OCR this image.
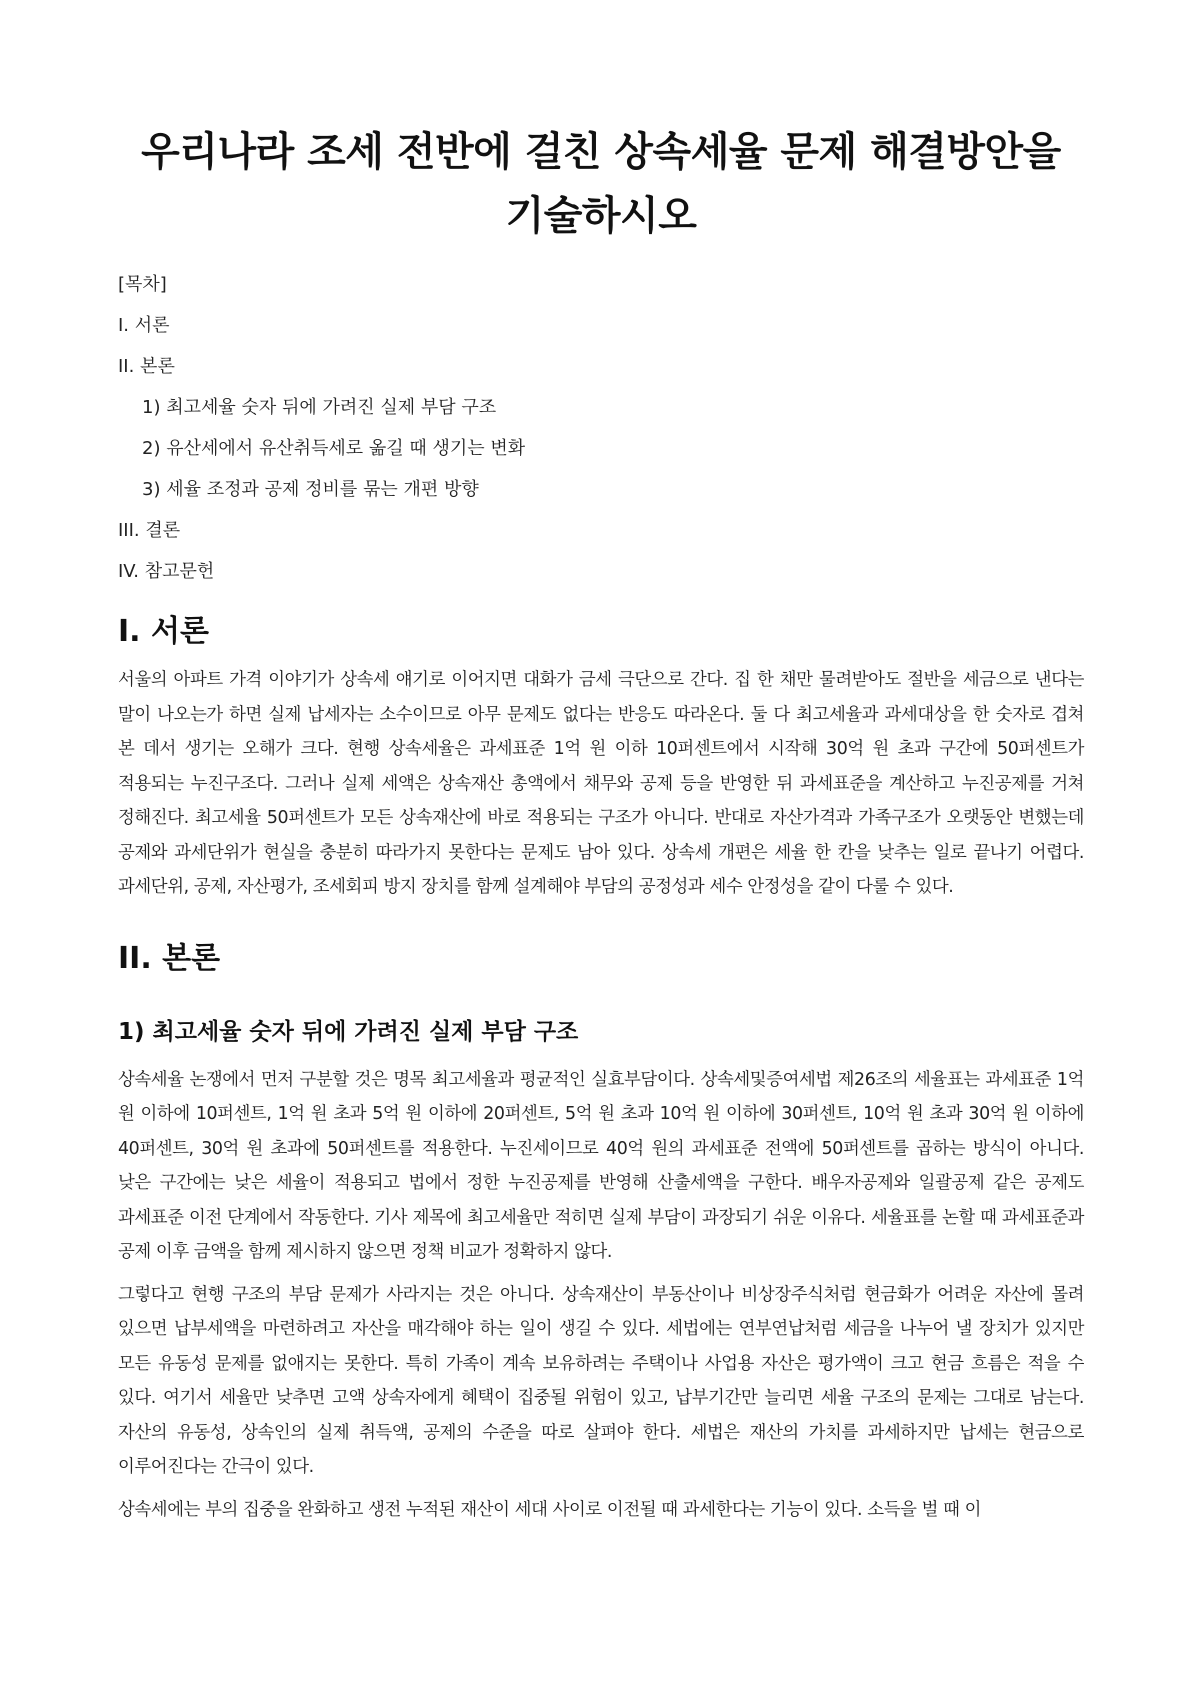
우리나라 조세 전반에 걸친 상속세율 문제 해결방안을 기술하시오
[목차]
I. 서론
II. 본론
1) 최고세율 숫자 뒤에 가려진 실제 부담 구조
2) 유산세에서 유산취득세로 옮길 때 생기는 변화
3) 세율 조정과 공제 정비를 묶는 개편 방향
III. 결론
IV. 참고문헌
I. 서론

서울의 아파트 가격 이야기가 상속세 얘기로 이어지면 대화가 금세 극단으로 간다. 집 한 채만 물려받아도 절반을 세금으로 낸다는 말이 나오는가 하면 실제 납세자는 소수이므로 아무 문제도 없다는 반응도 따라온다. 둘 다 최고세율과 과세대상을 한 숫자로 겹쳐 본 데서 생기는 오해가 크다. 현행 상속세율은 과세표준 1억 원 이하 10퍼센트에서 시작해 30억 원 초과 구간에 50퍼센트가 적용되는 누진구조다. 그러나 실제 세액은 상속재산 총액에서 채무와 공제 등을 반영한 뒤 과세표준을 계산하고 누진공제를 거쳐 정해진다. 최고세율 50퍼센트가 모든 상속재산에 바로 적용되는 구조가 아니다. 반대로 자산가격과 가족구조가 오랫동안 변했는데 공제와 과세단위가 현실을 충분히 따라가지 못한다는 문제도 남아 있다. 상속세 개편은 세율 한 칸을 낮추는 일로 끝나기 어렵다. 과세단위, 공제, 자산평가, 조세회피 방지 장치를 함께 설계해야 부담의 공정성과 세수 안정성을 같이 다룰 수 있다.

II. 본론
1) 최고세율 숫자 뒤에 가려진 실제 부담 구조

상속세율 논쟁에서 먼저 구분할 것은 명목 최고세율과 평균적인 실효부담이다. 상속세및증여세법 제26조의 세율표는 과세표준 1억 원 이하에 10퍼센트, 1억 원 초과 5억 원 이하에 20퍼센트, 5억 원 초과 10억 원 이하에 30퍼센트, 10억 원 초과 30억 원 이하에 40퍼센트, 30억 원 초과에 50퍼센트를 적용한다. 누진세이므로 40억 원의 과세표준 전액에 50퍼센트를 곱하는 방식이 아니다. 낮은 구간에는 낮은 세율이 적용되고 법에서 정한 누진공제를 반영해 산출세액을 구한다. 배우자공제와 일괄공제 같은 공제도 과세표준 이전 단계에서 작동한다. 기사 제목에 최고세율만 적히면 실제 부담이 과장되기 쉬운 이유다. 세율표를 논할 때 과세표준과 공제 이후 금액을 함께 제시하지 않으면 정책 비교가 정확하지 않다.

그렇다고 현행 구조의 부담 문제가 사라지는 것은 아니다. 상속재산이 부동산이나 비상장주식처럼 현금화가 어려운 자산에 몰려 있으면 납부세액을 마련하려고 자산을 매각해야 하는 일이 생길 수 있다. 세법에는 연부연납처럼 세금을 나누어 낼 장치가 있지만 모든 유동성 문제를 없애지는 못한다. 특히 가족이 계속 보유하려는 주택이나 사업용 자산은 평가액이 크고 현금 흐름은 적을 수 있다. 여기서 세율만 낮추면 고액 상속자에게 혜택이 집중될 위험이 있고, 납부기간만 늘리면 세율 구조의 문제는 그대로 남는다. 자산의 유동성, 상속인의 실제 취득액, 공제의 수준을 따로 살펴야 한다. 세법은 재산의 가치를 과세하지만 납세는 현금으로 이루어진다는 간극이 있다.

상속세에는 부의 집중을 완화하고 생전 누적된 재산이 세대 사이로 이전될 때 과세한다는 기능이 있다. 소득을 벌 때 이
